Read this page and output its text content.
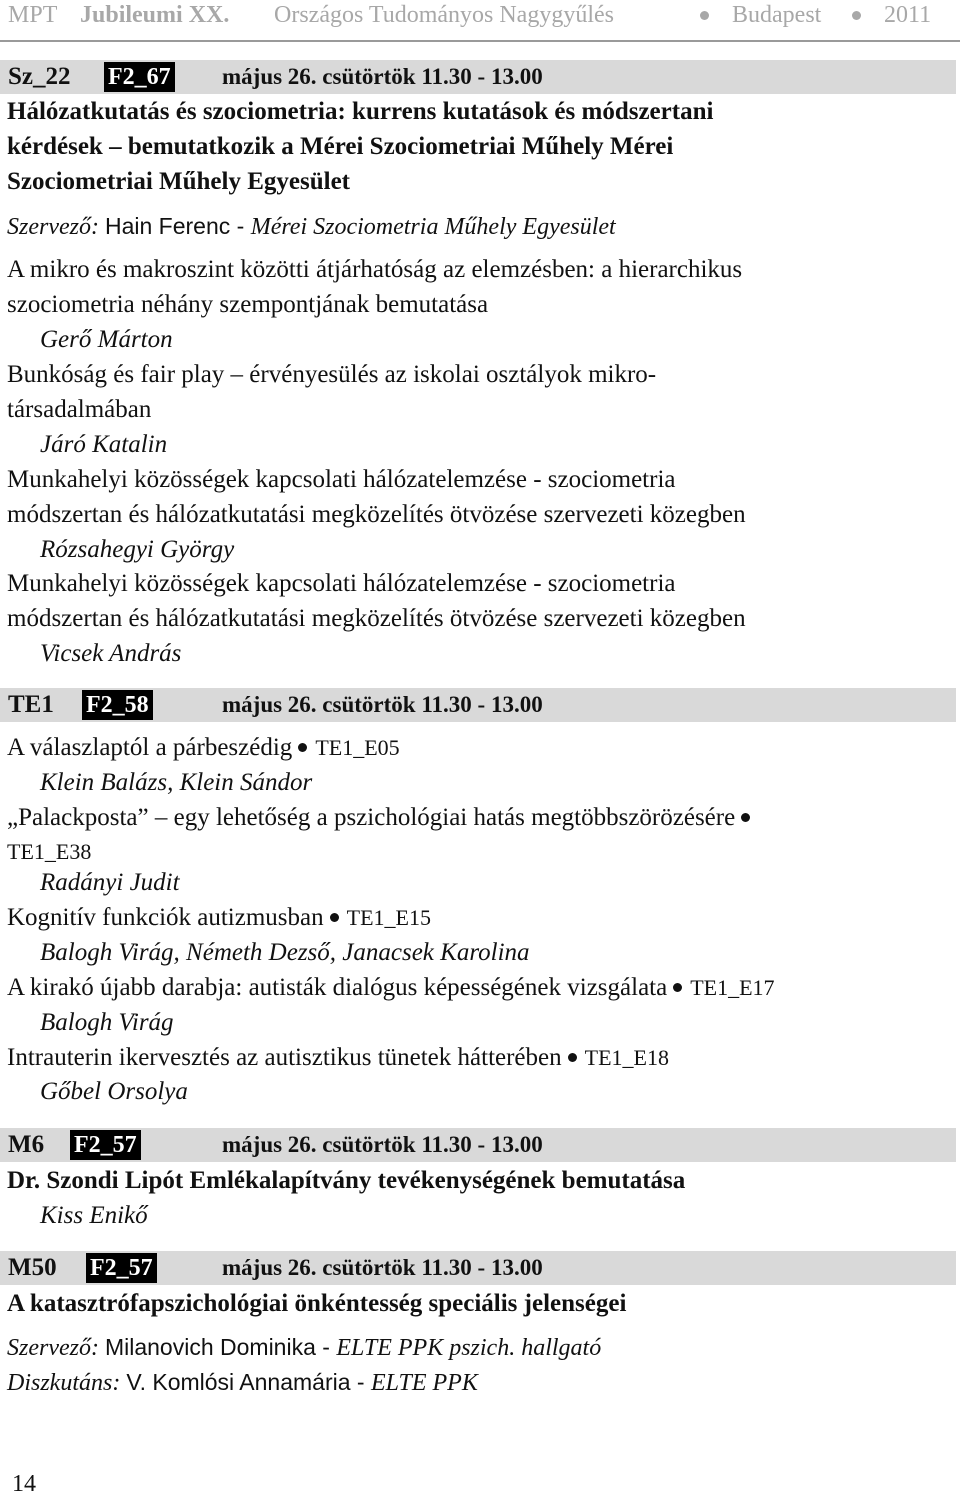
MPT Jubileumi XX. Országos Tudományos Nagygyűlés	Budapest	2011
Sz_22 F2_67 május 26. csütörtök 11.30 - 13.00
Hálózatkutatás és szociometria: kurrens kutatások és módszertani
kérdések – bemutatkozik a Mérei Szociometriai Műhely Mérei
Szociometriai Műhely Egyesület
Szervező: Hain Ferenc - Mérei Szociometria Műhely Egyesület
A mikro és makroszint közötti átjárhatóság az elemzésben: a hierarchikus
szociometria néhány szempontjának bemutatása
Gerő Márton
Bunkóság és fair play – érvényesülés az iskolai osztályok mikro-
társadalmában
Járó Katalin
Munkahelyi közösségek kapcsolati hálózatelemzése - szociometria
módszertan és hálózatkutatási megközelítés ötvözése szervezeti közegben
Rózsahegyi György
Munkahelyi közösségek kapcsolati hálózatelemzése - szociometria
módszertan és hálózatkutatási megközelítés ötvözése szervezeti közegben
Vicsek András
TE1 F2_58	május 26. csütörtök 11.30 - 13.00
A válaszlaptól a párbeszédig TE1_E05
Klein Balázs, Klein Sándor
„Palackposta” – egy lehetőség a pszichológiai hatás megtöbbszörözésére
TE1_E38
Radányi Judit
Kognitív funkciók autizmusban TE1_E15
Balogh Virág, Németh Dezső, Janacsek Karolina
A kirakó újabb darabja: autisták dialógus képességének vizsgálata TE1_E17
Balogh Virág
Intrauterin ikervesztés az autisztikus tünetek hátterében TE1_E18
Gőbel Orsolya
M6 F2_57	május 26. csütörtök 11.30 - 13.00
Dr. Szondi Lipót Emlékalapítvány tevékenységének bemutatása
Kiss Enikő
M50 F2_57	május 26. csütörtök 11.30 - 13.00
A katasztrófapszichológiai önkéntesség speciális jelenségei
Szervező: Milanovich Dominika - ELTE PPK pszich. hallgató
Diszkutáns: V. Komlósi Annamária - ELTE PPK
14
